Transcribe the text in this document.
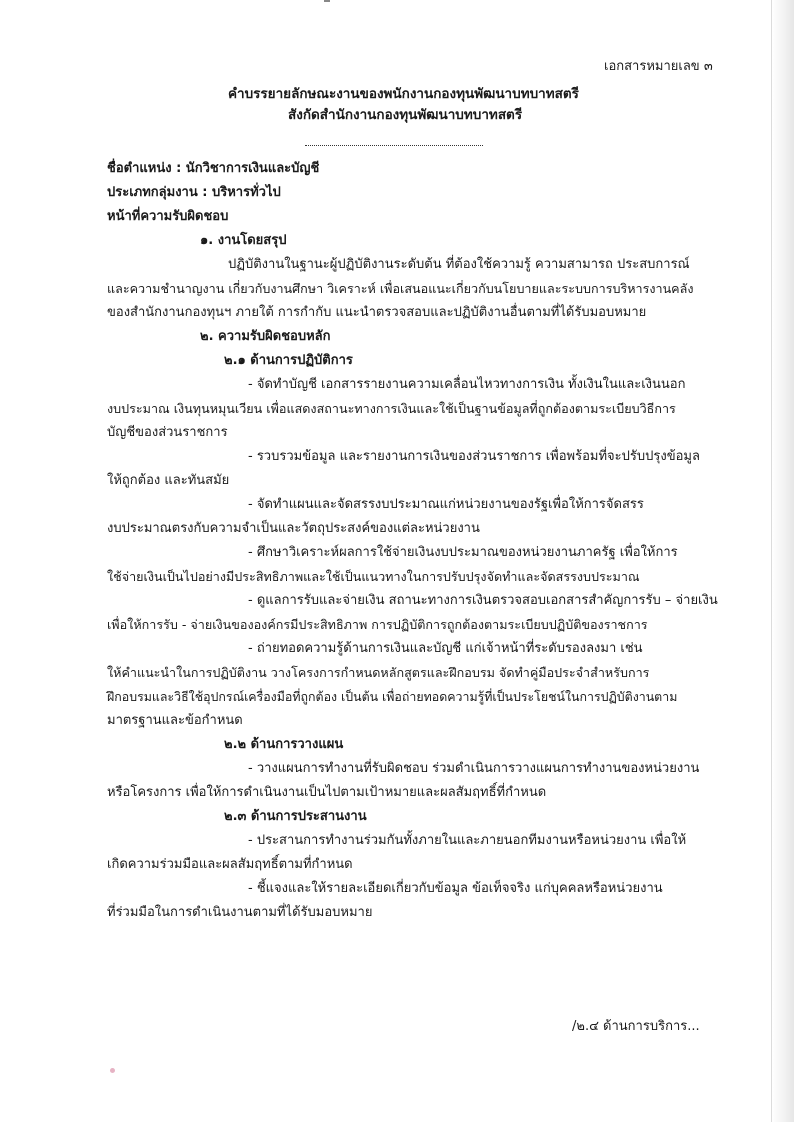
เอกสารหมายเลข ๓
คำบรรยายลักษณะงานของพนักงานกองทุนพัฒนาบทบาทสตรี
สังกัดสำนักงานกองทุนพัฒนาบทบาทสตรี
ชื่อตำแหน่ง : นักวิชาการเงินและบัญชี
ประเภทกลุ่มงาน : บริหารทั่วไป
หน้าที่ความรับผิดชอบ
๑. งานโดยสรุป
ปฏิบัติงานในฐานะผู้ปฏิบัติงานระดับต้น ที่ต้องใช้ความรู้ ความสามารถ ประสบการณ์
และความชำนาญงาน เกี่ยวกับงานศึกษา วิเคราะห์ เพื่อเสนอแนะเกี่ยวกับนโยบายและระบบการบริหารงานคลัง
ของสำนักงานกองทุนฯ ภายใต้ การกำกับ แนะนำตรวจสอบและปฏิบัติงานอื่นตามที่ได้รับมอบหมาย
๒. ความรับผิดชอบหลัก
๒.๑ ด้านการปฏิบัติการ
- จัดทำบัญชี เอกสารรายงานความเคลื่อนไหวทางการเงิน ทั้งเงินในและเงินนอก
งบประมาณ เงินทุนหมุนเวียน เพื่อแสดงสถานะทางการเงินและใช้เป็นฐานข้อมูลที่ถูกต้องตามระเบียบวิธีการ
บัญชีของส่วนราชการ
- รวบรวมข้อมูล และรายงานการเงินของส่วนราชการ เพื่อพร้อมที่จะปรับปรุงข้อมูล
ให้ถูกต้อง และทันสมัย
- จัดทำแผนและจัดสรรงบประมาณแก่หน่วยงานของรัฐเพื่อให้การจัดสรร
งบประมาณตรงกับความจำเป็นและวัตถุประสงค์ของแต่ละหน่วยงาน
- ศึกษาวิเคราะห์ผลการใช้จ่ายเงินงบประมาณของหน่วยงานภาครัฐ เพื่อให้การ
ใช้จ่ายเงินเป็นไปอย่างมีประสิทธิภาพและใช้เป็นแนวทางในการปรับปรุงจัดทำและจัดสรรงบประมาณ
- ดูแลการรับและจ่ายเงิน สถานะทางการเงินตรวจสอบเอกสารสำคัญการรับ – จ่ายเงิน
เพื่อให้การรับ - จ่ายเงินขององค์กรมีประสิทธิภาพ การปฏิบัติการถูกต้องตามระเบียบปฏิบัติของราชการ
- ถ่ายทอดความรู้ด้านการเงินและบัญชี แก่เจ้าหน้าที่ระดับรองลงมา เช่น
ให้คำแนะนำในการปฏิบัติงาน วางโครงการกำหนดหลักสูตรและฝึกอบรม จัดทำคู่มือประจำสำหรับการ
ฝึกอบรมและวิธีใช้อุปกรณ์เครื่องมือที่ถูกต้อง เป็นต้น เพื่อถ่ายทอดความรู้ที่เป็นประโยชน์ในการปฏิบัติงานตาม
มาตรฐานและข้อกำหนด
๒.๒ ด้านการวางแผน
- วางแผนการทำงานที่รับผิดชอบ ร่วมดำเนินการวางแผนการทำงานของหน่วยงาน
หรือโครงการ เพื่อให้การดำเนินงานเป็นไปตามเป้าหมายและผลสัมฤทธิ์ที่กำหนด
๒.๓ ด้านการประสานงาน
- ประสานการทำงานร่วมกันทั้งภายในและภายนอกทีมงานหรือหน่วยงาน เพื่อให้
เกิดความร่วมมือและผลสัมฤทธิ์ตามที่กำหนด
- ชี้แจงและให้รายละเอียดเกี่ยวกับข้อมูล ข้อเท็จจริง แก่บุคคลหรือหน่วยงาน
ที่ร่วมมือในการดำเนินงานตามที่ได้รับมอบหมาย
/๒.๔ ด้านการบริการ...
